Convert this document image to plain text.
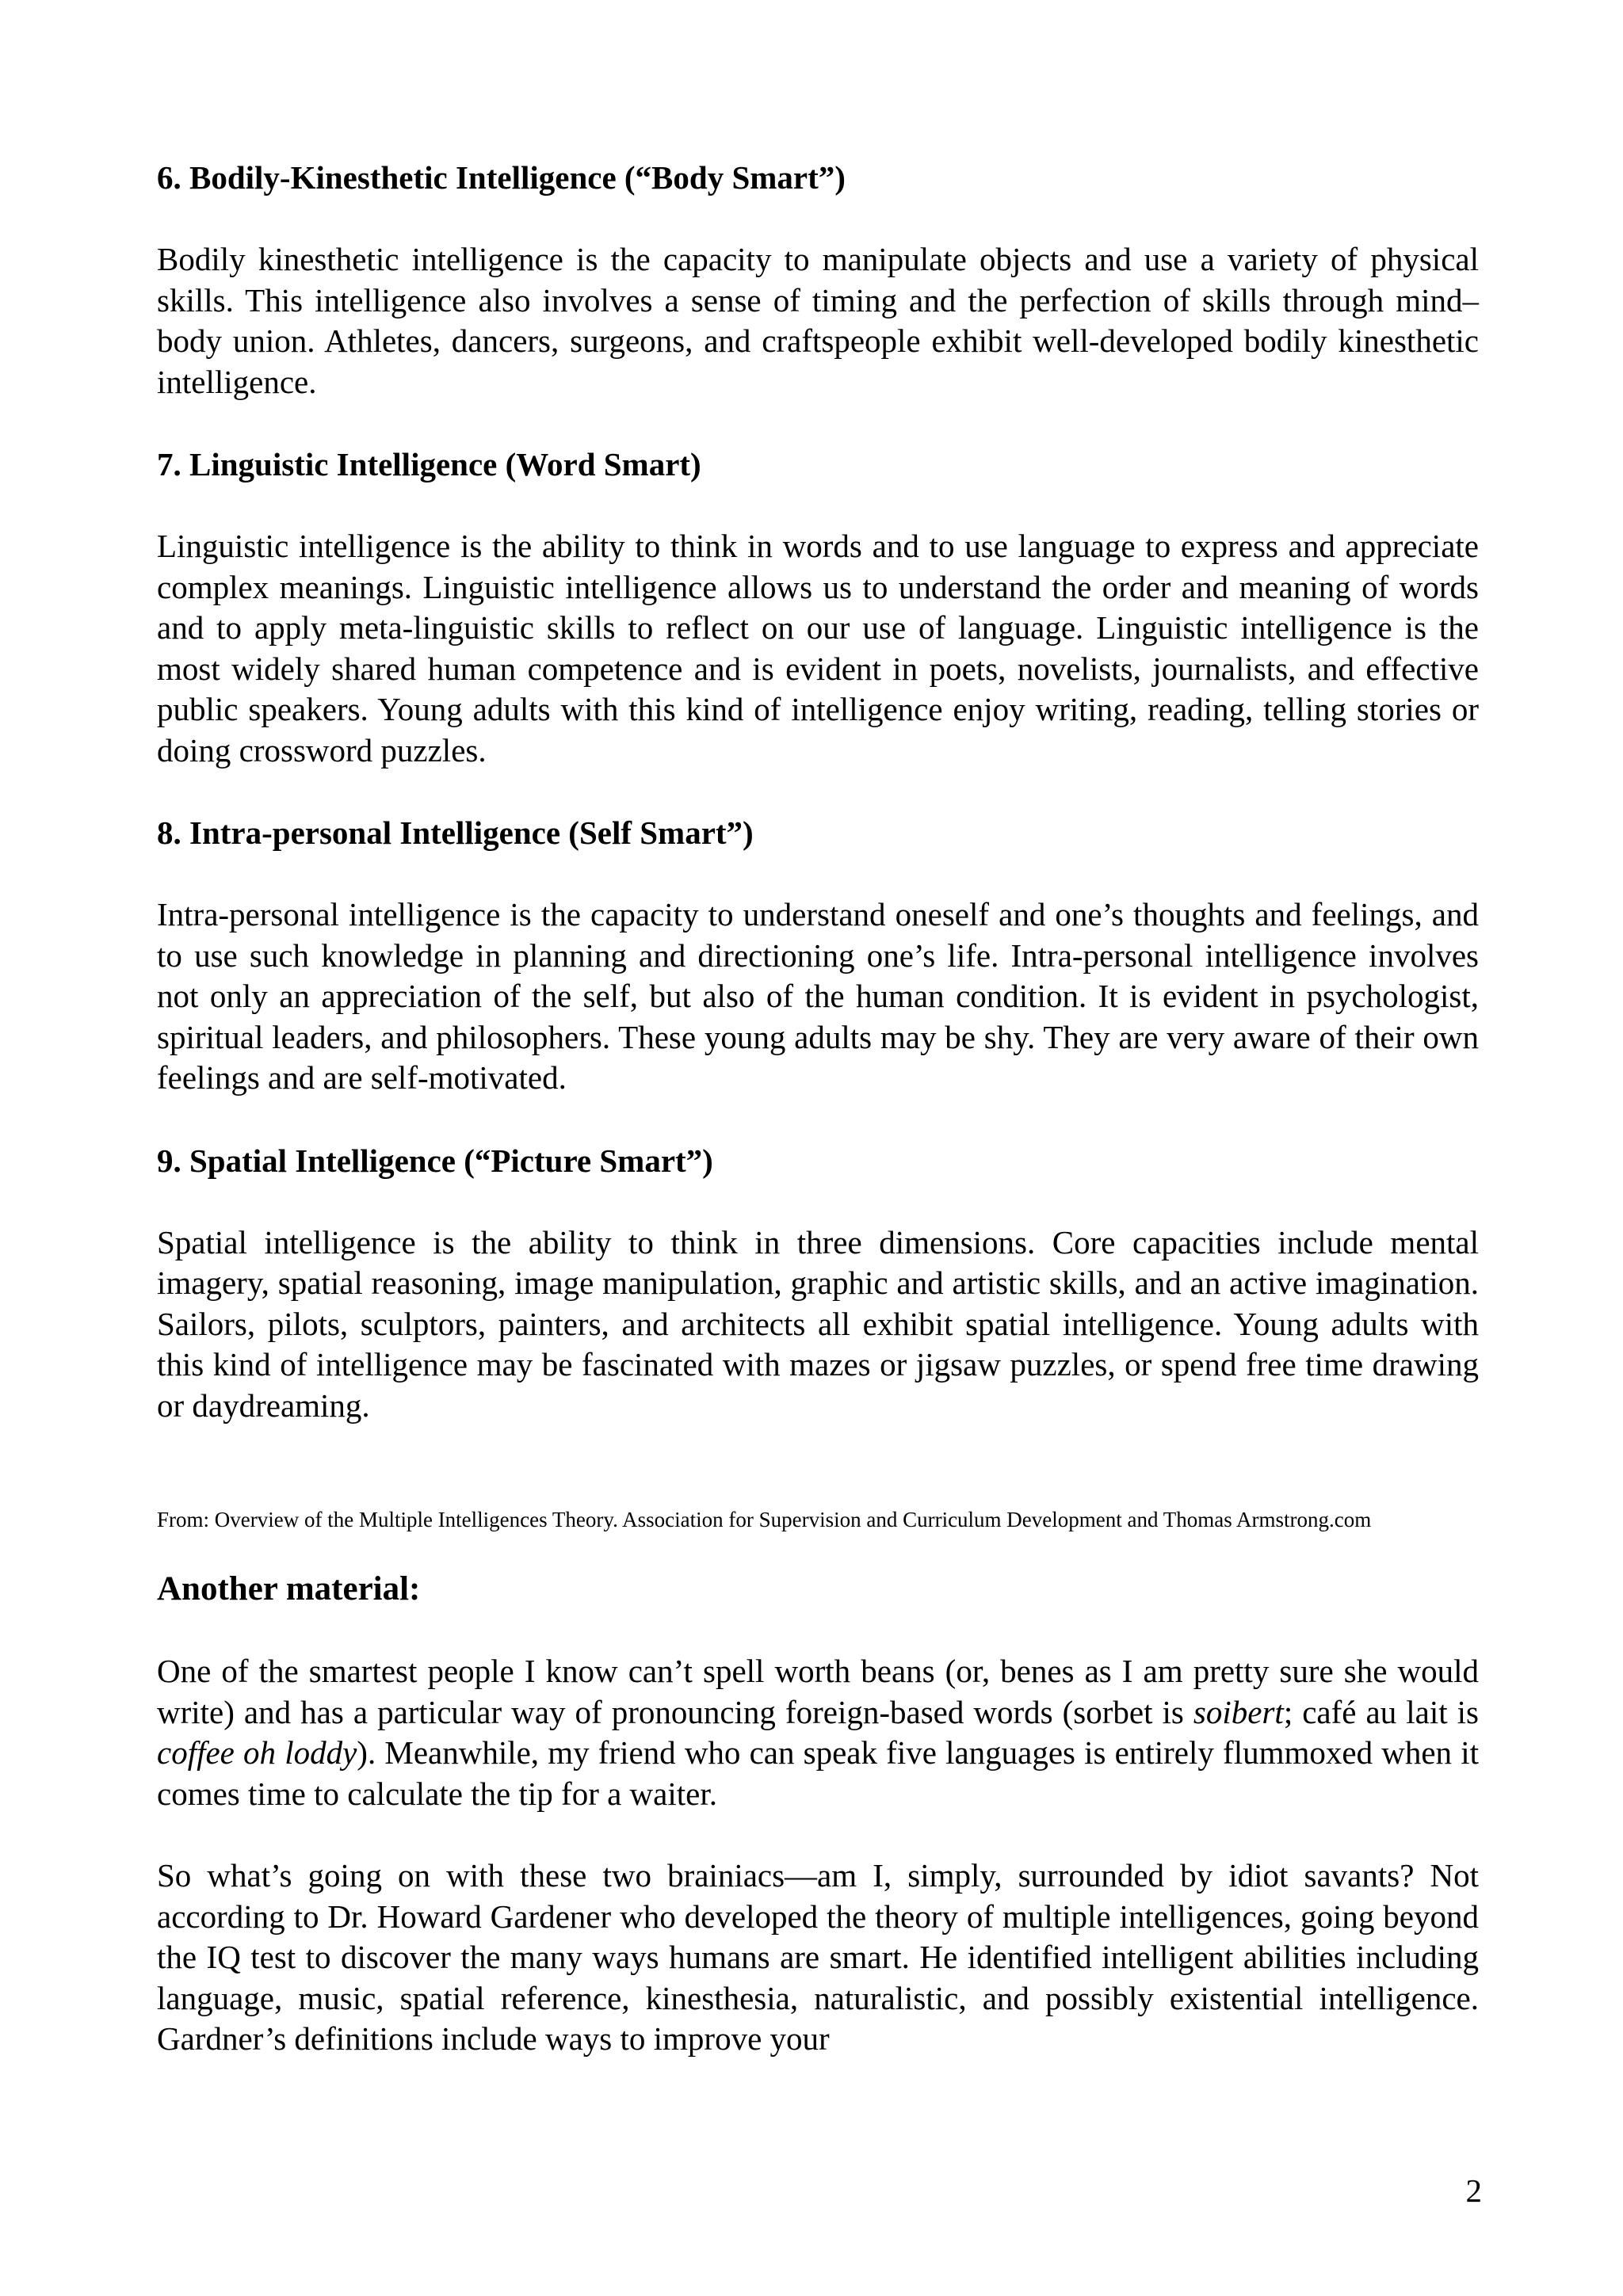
6. Bodily-Kinesthetic Intelligence (“Body Smart”)

Bodily kinesthetic intelligence is the capacity to manipulate objects and use a variety of physical skills. This intelligence also involves a sense of timing and the perfection of skills through mind–body union. Athletes, dancers, surgeons, and craftspeople exhibit well-developed bodily kinesthetic intelligence.

7. Linguistic Intelligence (Word Smart)

Linguistic intelligence is the ability to think in words and to use language to express and appreciate complex meanings. Linguistic intelligence allows us to understand the order and meaning of words and to apply meta-linguistic skills to reflect on our use of language. Linguistic intelligence is the most widely shared human competence and is evident in poets, novelists, journalists, and effective public speakers. Young adults with this kind of intelligence enjoy writing, reading, telling stories or doing crossword puzzles.

8. Intra-personal Intelligence (Self Smart”)

Intra-personal intelligence is the capacity to understand oneself and one’s thoughts and feelings, and to use such knowledge in planning and directioning one’s life. Intra-personal intelligence involves not only an appreciation of the self, but also of the human condition. It is evident in psychologist, spiritual leaders, and philosophers. These young adults may be shy. They are very aware of their own feelings and are self-motivated.

9. Spatial Intelligence (“Picture Smart”)

Spatial intelligence is the ability to think in three dimensions. Core capacities include mental imagery, spatial reasoning, image manipulation, graphic and artistic skills, and an active imagination. Sailors, pilots, sculptors, painters, and architects all exhibit spatial intelligence. Young adults with this kind of intelligence may be fascinated with mazes or jigsaw puzzles, or spend free time drawing or daydreaming.

From: Overview of the Multiple Intelligences Theory. Association for Supervision and Curriculum Development and Thomas Armstrong.com

Another material:

One of the smartest people I know can’t spell worth beans (or, benes as I am pretty sure she would write) and has a particular way of pronouncing foreign-based words (sorbet is soibert; café au lait is coffee oh loddy). Meanwhile, my friend who can speak five languages is entirely flummoxed when it comes time to calculate the tip for a waiter.

So what’s going on with these two brainiacs—am I, simply, surrounded by idiot savants? Not according to Dr. Howard Gardener who developed the theory of multiple intelligences, going beyond the IQ test to discover the many ways humans are smart. He identified intelligent abilities including language, music, spatial reference, kinesthesia, naturalistic, and possibly existential intelligence. Gardner’s definitions include ways to improve your

2
